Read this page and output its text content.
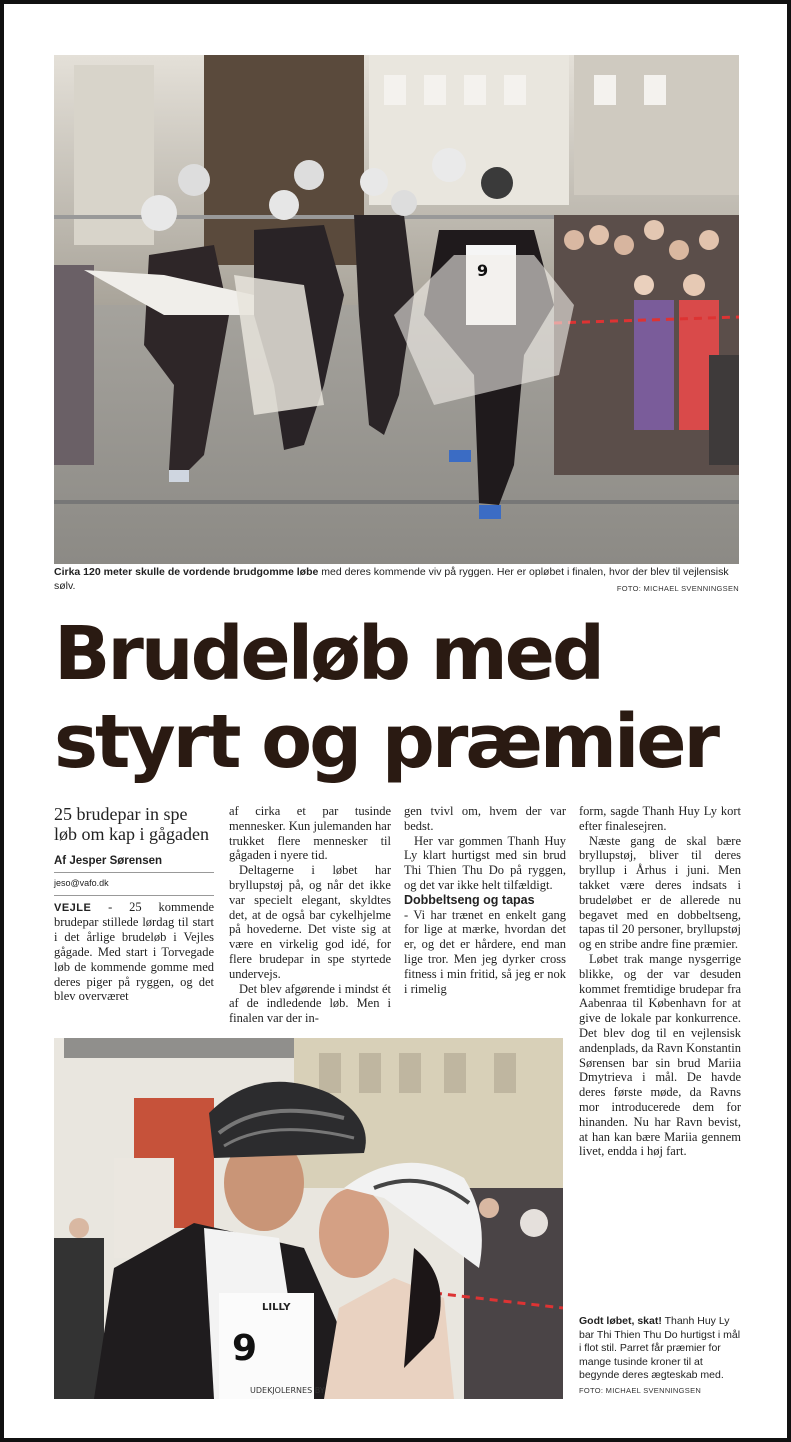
9
Cirka 120 meter skulle de vordende brudgomme løbe med deres kommende viv på ryggen. Her er opløbet i finalen, hvor der blev til vejlensisk sølv.	FOTO: MICHAEL SVENNINGSEN
Brudeløb med
styrt og præmier
25 brudepar in spe løb om kap i gågaden
Af Jesper Sørensen
jeso@vafo.dk

VEJLE - 25 kommende brudepar stillede lørdag til start i det årlige brudeløb i Vejles gågade. Med start i Torvegade løb de kommende gomme med deres piger på ryggen, og det blev overværet

af cirka et par tusinde mennesker. Kun julemanden har trukket flere mennesker til gågaden i nyere tid.

Deltagerne i løbet har bryllupstøj på, og når det ikke var specielt elegant, skyldtes det, at de også bar cykelhjelme på hovederne. Det viste sig at være en virkelig god idé, for flere brudepar in spe styrtede undervejs.

Det blev afgørende i mindst ét af de indledende løb. Men i finalen var der in-

gen tvivl om, hvem der var bedst.

Her var gommen Thanh Huy Ly klart hurtigst med sin brud Thi Thien Thu Do på ryggen, og det var ikke helt tilfældigt.

Dobbeltseng og tapas

- Vi har trænet en enkelt gang for lige at mærke, hvordan det er, og det er hårdere, end man lige tror. Men jeg dyrker cross fitness i min fritid, så jeg er nok i rimelig

form, sagde Thanh Huy Ly kort efter finalesejren.

Næste gang de skal bære bryllupstøj, bliver til deres bryllup i Århus i juni. Men takket være deres indsats i brudeløbet er de allerede nu begavet med en dobbeltseng, tapas til 20 personer, bryllupstøj og en stribe andre fine præmier.

Løbet trak mange nysgerrige blikke, og der var desuden kommet fremtidige brudepar fra Aabenraa til København for at give de lokale par konkurrence. Det blev dog til en vejlensisk andenplads, da Ravn Konstantin Sørensen bar sin brud Mariia Dmytrieva i mål. De havde deres første møde, da Ravns mor introducerede dem for hinanden. Nu har Ravn bevist, at han kan bære Mariia gennem livet, endda i høj fart.

LILLY
9
UDEKJOLERNES BY
Godt løbet, skat! Thanh Huy Ly bar Thi Thien Thu Do hurtigst i mål i flot stil. Parret får præmier for mange tusinde kroner til at begynde deres ægteskab med.
FOTO: MICHAEL SVENNINGSEN
